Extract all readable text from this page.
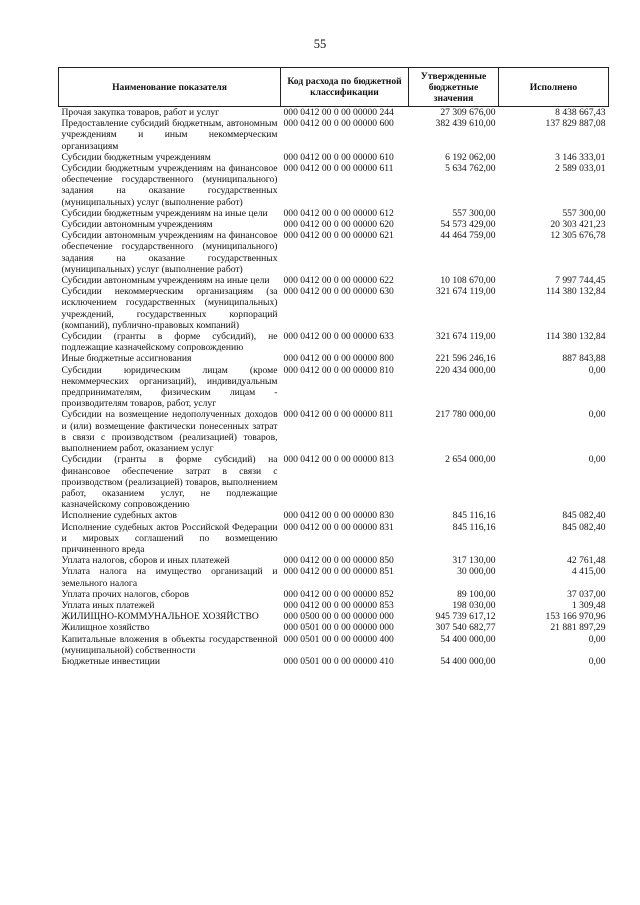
55
Наименование показателя	Код расхода по бюджетной классификации	Утвержденные бюджетные значения	Исполнено
Прочая закупка товаров, работ и услуг	000 0412 00 0 00 00000 244	27 309 676,00	8 438 667,43
Предоставление субсидий бюджетным, автономным учреждениям и иным некоммерческим организациям	000 0412 00 0 00 00000 600	382 439 610,00	137 829 887,08
Субсидии бюджетным учреждениям	000 0412 00 0 00 00000 610	6 192 062,00	3 146 333,01
Субсидии бюджетным учреждениям на финансовое обеспечение государственного (муниципального) задания на оказание государственных (муниципальных) услуг (выполнение работ)	000 0412 00 0 00 00000 611	5 634 762,00	2 589 033,01
Субсидии бюджетным учреждениям на иные цели	000 0412 00 0 00 00000 612	557 300,00	557 300,00
Субсидии автономным учреждениям	000 0412 00 0 00 00000 620	54 573 429,00	20 303 421,23
Субсидии автономным учреждениям на финансовое обеспечение государственного (муниципального) задания на оказание государственных (муниципальных) услуг (выполнение работ)	000 0412 00 0 00 00000 621	44 464 759,00	12 305 676,78
Субсидии автономным учреждениям на иные цели	000 0412 00 0 00 00000 622	10 108 670,00	7 997 744,45
Субсидии некоммерческим организациям (за исключением государственных (муниципальных) учреждений, государственных корпораций (компаний), публично-правовых компаний)	000 0412 00 0 00 00000 630	321 674 119,00	114 380 132,84
Субсидии (гранты в форме субсидий), не подлежащие казначейскому сопровождению	000 0412 00 0 00 00000 633	321 674 119,00	114 380 132,84
Иные бюджетные ассигнования	000 0412 00 0 00 00000 800	221 596 246,16	887 843,88
Субсидии юридическим лицам (кроме некоммерческих организаций), индивидуальным предпринимателям, физическим лицам - производителям товаров, работ, услуг	000 0412 00 0 00 00000 810	220 434 000,00	0,00
Субсидии на возмещение недополученных доходов и (или) возмещение фактически понесенных затрат в связи с производством (реализацией) товаров, выполнением работ, оказанием услуг	000 0412 00 0 00 00000 811	217 780 000,00	0,00
Субсидии (гранты в форме субсидий) на финансовое обеспечение затрат в связи с производством (реализацией) товаров, выполнением работ, оказанием услуг, не подлежащие казначейскому сопровождению	000 0412 00 0 00 00000 813	2 654 000,00	0,00
Исполнение судебных актов	000 0412 00 0 00 00000 830	845 116,16	845 082,40
Исполнение судебных актов Российской Федерации и мировых соглашений по возмещению причиненного вреда	000 0412 00 0 00 00000 831	845 116,16	845 082,40
Уплата налогов, сборов и иных платежей	000 0412 00 0 00 00000 850	317 130,00	42 761,48
Уплата налога на имущество организаций и земельного налога	000 0412 00 0 00 00000 851	30 000,00	4 415,00
Уплата прочих налогов, сборов	000 0412 00 0 00 00000 852	89 100,00	37 037,00
Уплата иных платежей	000 0412 00 0 00 00000 853	198 030,00	1 309,48
ЖИЛИЩНО-КОММУНАЛЬНОЕ ХОЗЯЙСТВО	000 0500 00 0 00 00000 000	945 739 617,12	153 166 970,96
Жилищное хозяйство	000 0501 00 0 00 00000 000	307 540 682,77	21 881 897,29
Капитальные вложения в объекты государственной (муниципальной) собственности	000 0501 00 0 00 00000 400	54 400 000,00	0,00
Бюджетные инвестиции	000 0501 00 0 00 00000 410	54 400 000,00	0,00
